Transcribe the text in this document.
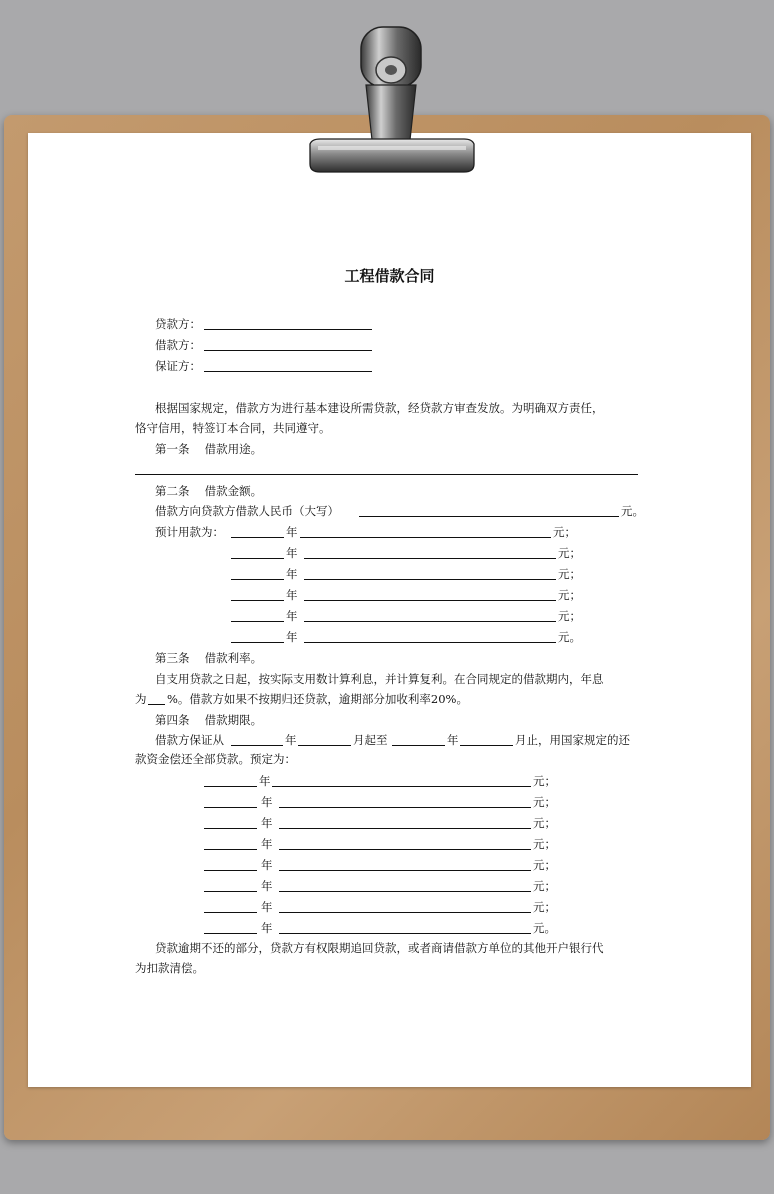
工程借款合同
贷款方：
借款方：
保证方：
根据国家规定，借款方为进行基本建设所需贷款，经贷款方审查发放。为明确双方责任，
恪守信用，特签订本合同，共同遵守。
第一条　 借款用途。
第二条　 借款金额。
借款方向贷款方借款人民币（大写）	元。
预计用款为：	年	元；
年	元；
年	元；
年	元；
年	元；
年	元。
第三条　 借款利率。
自支用贷款之日起，按实际支用数计算利息，并计算复利。在合同规定的借款期内，年息
为 %。借款方如果不按期归还贷款，逾期部分加收利率20%。
第四条　 借款期限。
借款方保证从	年	月起至	年	月止，用国家规定的还
款资金偿还全部贷款。预定为：
年	元；
年	元；
年	元；
年	元；
年	元；
年	元；
年	元；
年	元。
贷款逾期不还的部分，贷款方有权限期追回贷款，或者商请借款方单位的其他开户银行代
为扣款清偿。
